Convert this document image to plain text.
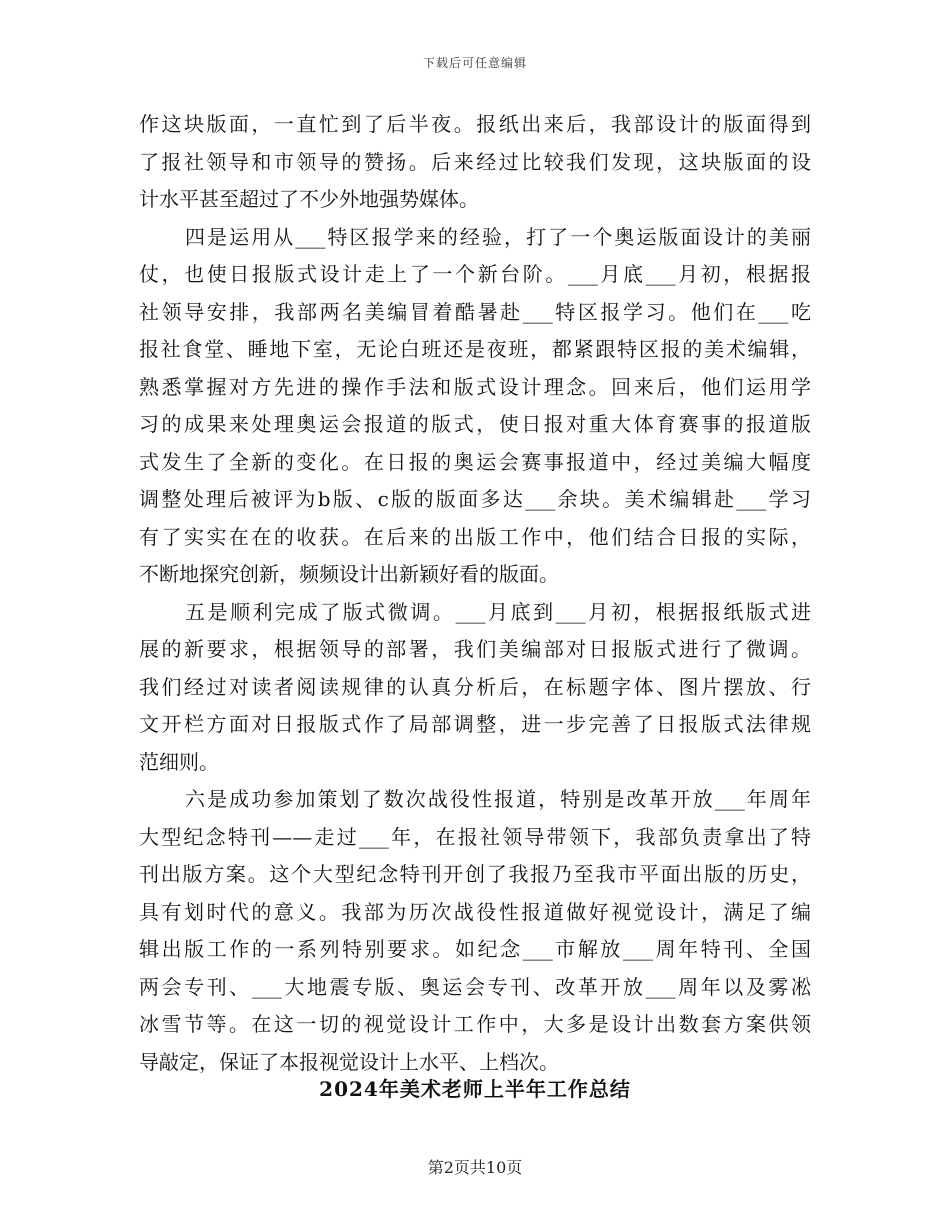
下载后可任意编辑
作这块版面，一直忙到了后半夜。报纸出来后，我部设计的版面得到
了报社领导和市领导的赞扬。后来经过比较我们发现，这块版面的设
计水平甚至超过了不少外地强势媒体。
四是运用从___特区报学来的经验，打了一个奥运版面设计的美丽
仗，也使日报版式设计走上了一个新台阶。___月底___月初，根据报
社领导安排，我部两名美编冒着酷暑赴___特区报学习。他们在___吃
报社食堂、睡地下室，无论白班还是夜班，都紧跟特区报的美术编辑，
熟悉掌握对方先进的操作手法和版式设计理念。回来后，他们运用学
习的成果来处理奥运会报道的版式，使日报对重大体育赛事的报道版
式发生了全新的变化。在日报的奥运会赛事报道中，经过美编大幅度
调整处理后被评为b版、c版的版面多达___余块。美术编辑赴___学习
有了实实在在的收获。在后来的出版工作中，他们结合日报的实际，
不断地探究创新，频频设计出新颖好看的版面。
五是顺利完成了版式微调。___月底到___月初，根据报纸版式进
展的新要求，根据领导的部署，我们美编部对日报版式进行了微调。
我们经过对读者阅读规律的认真分析后，在标题字体、图片摆放、行
文开栏方面对日报版式作了局部调整，进一步完善了日报版式法律规
范细则。
六是成功参加策划了数次战役性报道，特别是改革开放___年周年
大型纪念特刊——走过___年，在报社领导带领下，我部负责拿出了特
刊出版方案。这个大型纪念特刊开创了我报乃至我市平面出版的历史，
具有划时代的意义。我部为历次战役性报道做好视觉设计，满足了编
辑出版工作的一系列特别要求。如纪念___市解放___周年特刊、全国
两会专刊、___大地震专版、奥运会专刊、改革开放___周年以及雾凇
冰雪节等。在这一切的视觉设计工作中，大多是设计出数套方案供领
导敲定，保证了本报视觉设计上水平、上档次。
2024年美术老师上半年工作总结
第2页共10页
